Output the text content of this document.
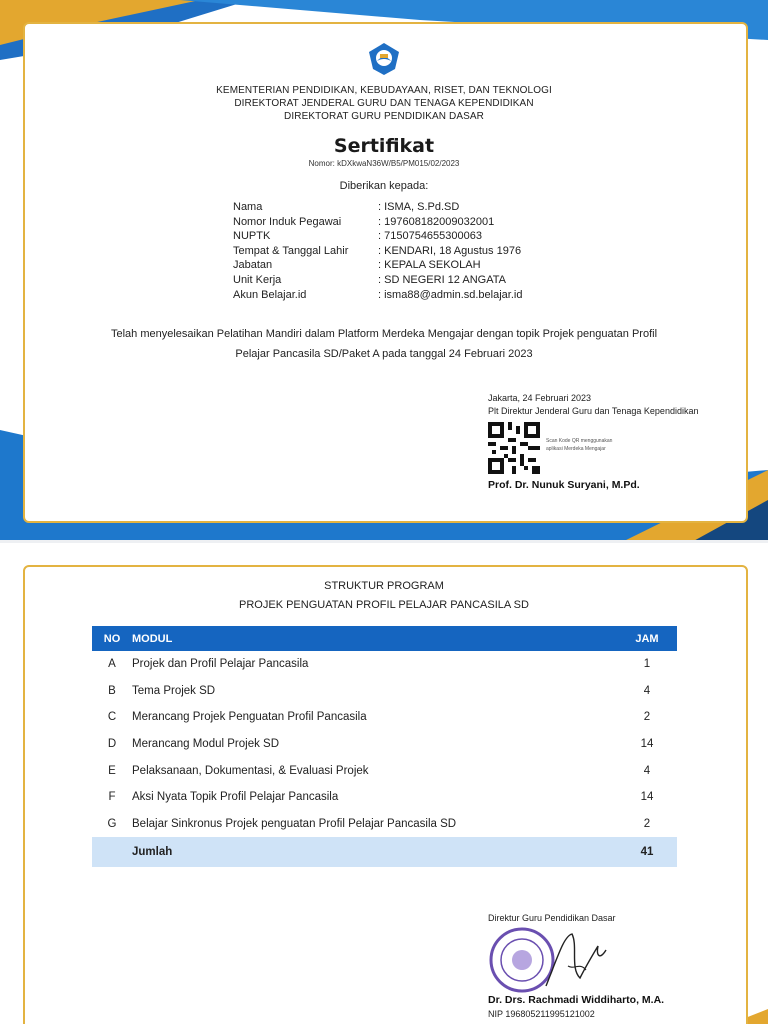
KEMENTERIAN PENDIDIKAN, KEBUDAYAAN, RISET, DAN TEKNOLOGI
DIREKTORAT JENDERAL GURU DAN TENAGA KEPENDIDIKAN
DIREKTORAT GURU PENDIDIKAN DASAR
Sertifikat
Nomor: kDXkwaN36W/B5/PM015/02/2023
Diberikan kepada:
Nama	: ISMA, S.Pd.SD
Nomor Induk Pegawai	: 197608182009032001
NUPTK	: 7150754655300063
Tempat & Tanggal Lahir	: KENDARI, 18 Agustus 1976
Jabatan	: KEPALA SEKOLAH
Unit Kerja	: SD NEGERI 12 ANGATA
Akun Belajar.id	: isma88@admin.sd.belajar.id
Telah menyelesaikan Pelatihan Mandiri dalam Platform Merdeka Mengajar dengan topik Projek penguatan Profil
Pelajar Pancasila SD/Paket A pada tanggal 24 Februari 2023
Jakarta, 24 Februari 2023
Plt Direktur Jenderal Guru dan Tenaga Kependidikan
Scan Kode QR menggunakan
aplikasi Merdeka Mengajar
Prof. Dr. Nunuk Suryani, M.Pd.
STRUKTUR PROGRAM
PROJEK PENGUATAN PROFIL PELAJAR PANCASILA SD
NO	MODUL	JAM
A	Projek dan Profil Pelajar Pancasila	1
B	Tema Projek SD	4
C	Merancang Projek Penguatan Profil Pancasila	2
D	Merancang Modul Projek SD	14
E	Pelaksanaan, Dokumentasi, & Evaluasi Projek	4
F	Aksi Nyata Topik Profil Pelajar Pancasila	14
G	Belajar Sinkronus Projek penguatan Profil Pelajar Pancasila SD	2
	Jumlah	41
Direktur Guru Pendidikan Dasar
Dr. Drs. Rachmadi Widdiharto, M.A.
NIP 196805211995121002
